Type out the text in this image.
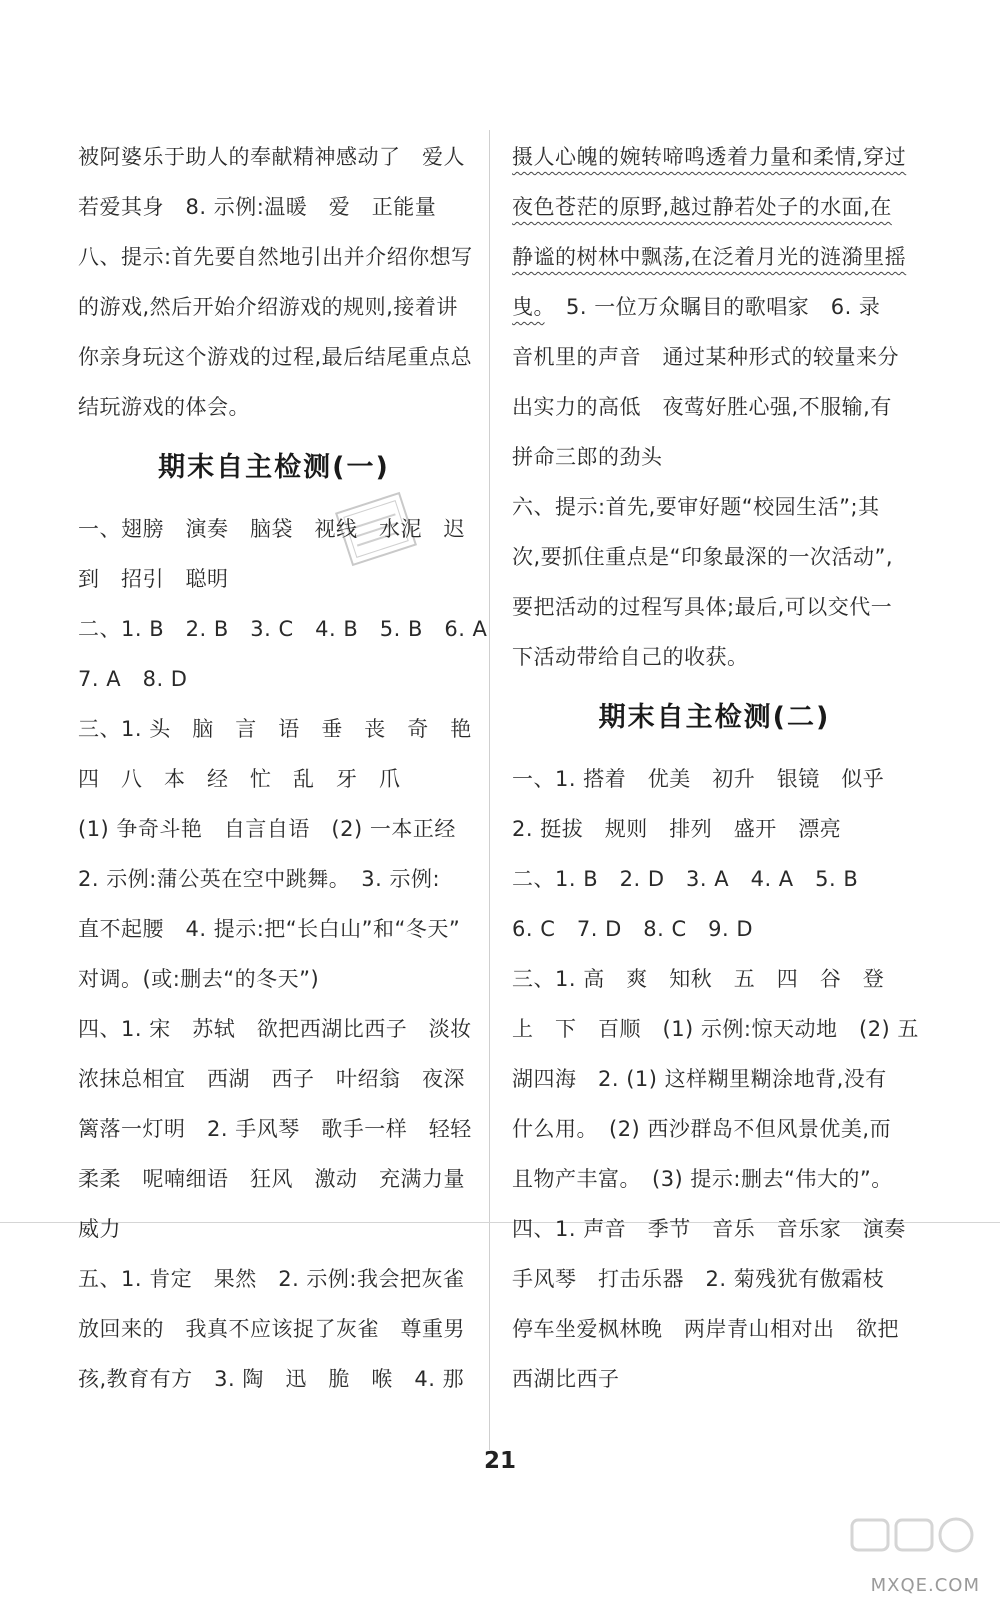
被阿婆乐于助人的奉献精神感动了　爱人
若爱其身　8. 示例:温暖　爱　正能量
八、提示:首先要自然地引出并介绍你想写
的游戏,然后开始介绍游戏的规则,接着讲
你亲身玩这个游戏的过程,最后结尾重点总
结玩游戏的体会。
期末自主检测(一)
一、翅膀　演奏　脑袋　视线　水泥　迟
到　招引　聪明
二、1. B　2. B　3. C　4. B　5. B　6. A
7. A　8. D
三、1. 头　脑　言　语　垂　丧　奇　艳
四　八　本　经　忙　乱　牙　爪
(1) 争奇斗艳　自言自语　(2) 一本正经
2. 示例:蒲公英在空中跳舞。　3. 示例:
直不起腰　4. 提示:把“长白山”和“冬天”
对调。(或:删去“的冬天”)
四、1. 宋　苏轼　欲把西湖比西子　淡妆
浓抹总相宜　西湖　西子　叶绍翁　夜深
篱落一灯明　2. 手风琴　歌手一样　轻轻
柔柔　呢喃细语　狂风　激动　充满力量
威力
五、1. 肯定　果然　2. 示例:我会把灰雀
放回来的　我真不应该捉了灰雀　尊重男
孩,教育有方　3. 陶　迅　脆　喉　4. 那
摄人心魄的婉转啼鸣透着力量和柔情,穿过
夜色苍茫的原野,越过静若处子的水面,在
静谧的树林中飘荡,在泛着月光的涟漪里摇
曳。　5. 一位万众瞩目的歌唱家　6. 录
音机里的声音　通过某种形式的较量来分
出实力的高低　夜莺好胜心强,不服输,有
拼命三郎的劲头
六、提示:首先,要审好题“校园生活”;其
次,要抓住重点是“印象最深的一次活动”,
要把活动的过程写具体;最后,可以交代一
下活动带给自己的收获。
期末自主检测(二)
一、1. 搭着　优美　初升　银镜　似乎
2. 挺拔　规则　排列　盛开　漂亮
二、1. B　2. D　3. A　4. A　5. B
6. C　7. D　8. C　9. D
三、1. 高　爽　知秋　五　四　谷　登
上　下　百顺　(1) 示例:惊天动地　(2) 五
湖四海　2. (1) 这样糊里糊涂地背,没有
什么用。　(2) 西沙群岛不但风景优美,而
且物产丰富。　(3) 提示:删去“伟大的”。
四、1. 声音　季节　音乐　音乐家　演奏
手风琴　打击乐器　2. 菊残犹有傲霜枝
停车坐爱枫林晚　两岸青山相对出　欲把
西湖比西子
21
MXQE.COM
